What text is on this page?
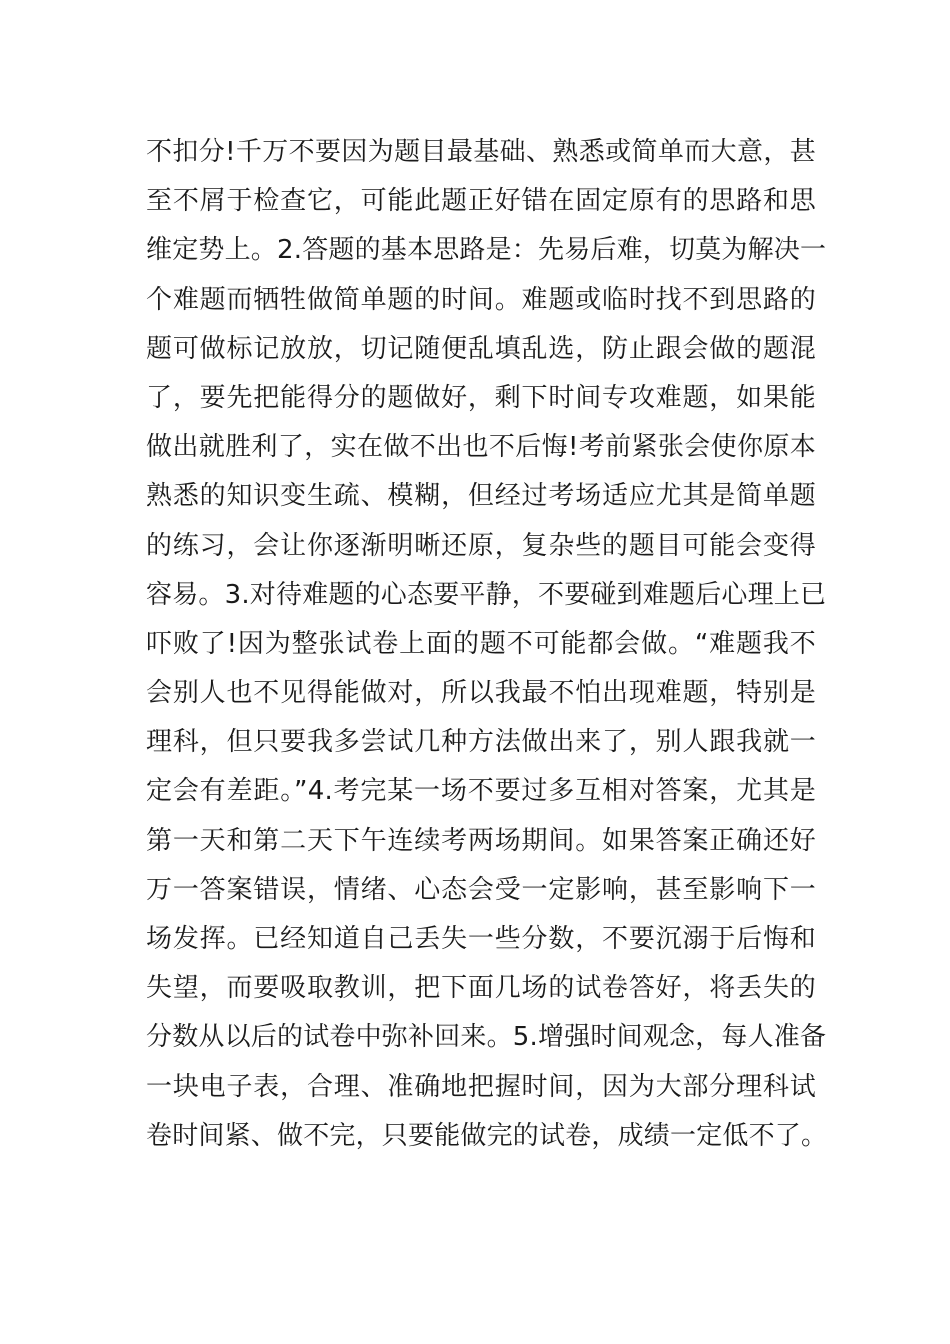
不扣分!千万不要因为题目最基础、熟悉或简单而大意，甚
至不屑于检查它，可能此题正好错在固定原有的思路和思
维定势上。2.答题的基本思路是：先易后难，切莫为解决一
个难题而牺牲做简单题的时间。难题或临时找不到思路的
题可做标记放放，切记随便乱填乱选，防止跟会做的题混
了，要先把能得分的题做好，剩下时间专攻难题，如果能
做出就胜利了，实在做不出也不后悔!考前紧张会使你原本
熟悉的知识变生疏、模糊，但经过考场适应尤其是简单题
的练习，会让你逐渐明晰还原，复杂些的题目可能会变得
容易。3.对待难题的心态要平静，不要碰到难题后心理上已
吓败了!因为整张试卷上面的题不可能都会做。“难题我不
会别人也不见得能做对，所以我最不怕出现难题，特别是
理科，但只要我多尝试几种方法做出来了，别人跟我就一
定会有差距。”4.考完某一场不要过多互相对答案，尤其是
第一天和第二天下午连续考两场期间。如果答案正确还好
万一答案错误，情绪、心态会受一定影响，甚至影响下一
场发挥。已经知道自己丢失一些分数，不要沉溺于后悔和
失望，而要吸取教训，把下面几场的试卷答好，将丢失的
分数从以后的试卷中弥补回来。5.增强时间观念，每人准备
一块电子表，合理、准确地把握时间，因为大部分理科试
卷时间紧、做不完，只要能做完的试卷，成绩一定低不了。
